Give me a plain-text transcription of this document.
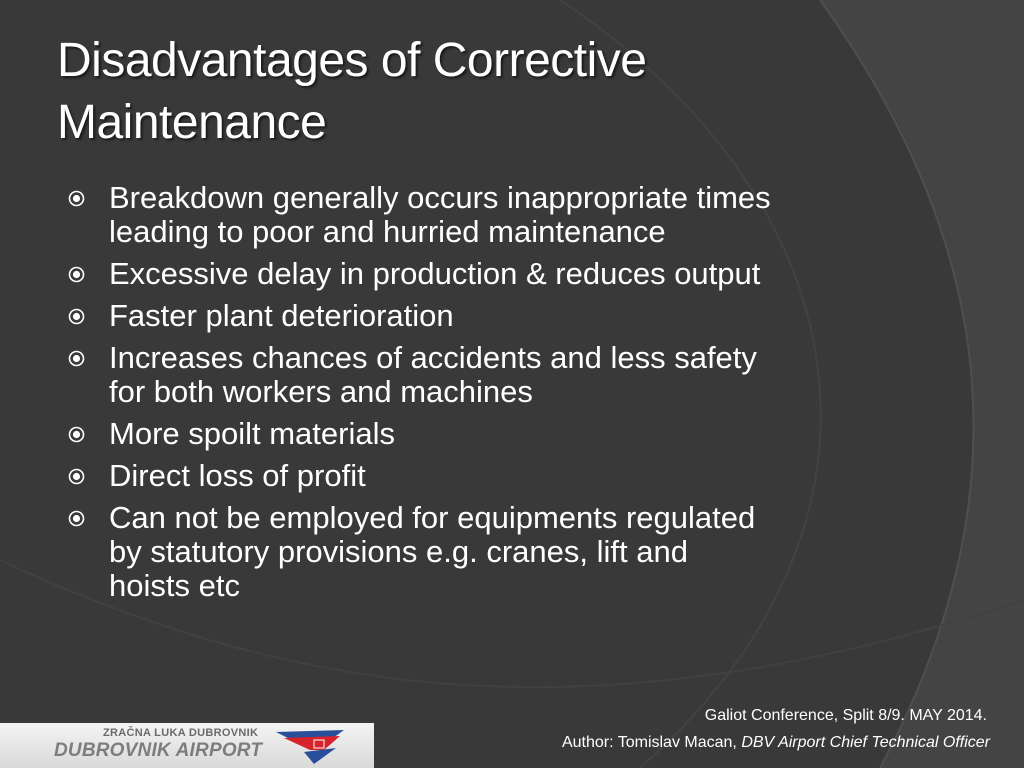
Disadvantages of Corrective
Maintenance
Breakdown generally occurs inappropriate times
leading to poor and hurried maintenance
Excessive delay in production & reduces output
Faster plant deterioration
Increases chances of accidents and less safety
for both workers and machines
More spoilt materials
Direct loss of profit
Can not be employed for equipments regulated
by statutory provisions e.g. cranes, lift and
hoists etc
ZRAČNA LUKA DUBROVNIK
DUBROVNIK AIRPORT
Galiot Conference, Split 8/9. MAY 2014.
Author: Tomislav Macan, DBV Airport Chief Technical Officer
